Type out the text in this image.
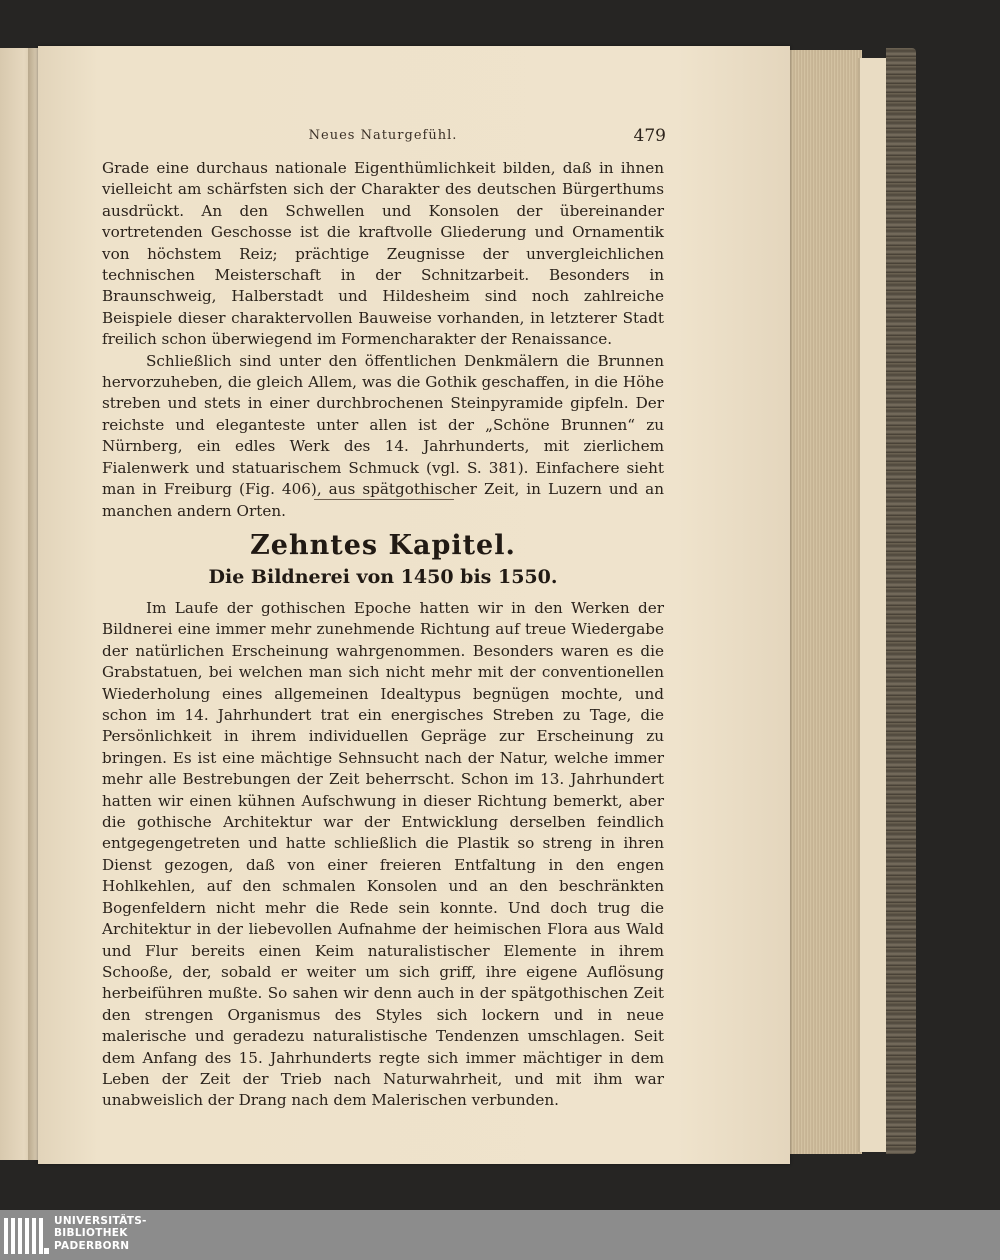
Neues Naturgefühl.	479

Grade eine durchaus nationale Eigenthümlichkeit bilden, daß in ihnen vielleicht am schärfsten sich der Charakter des deutschen Bürgerthums ausdrückt. An den Schwellen und Konsolen der übereinander vortretenden Geschosse ist die kraftvolle Gliederung und Ornamentik von höchstem Reiz; prächtige Zeugnisse der unvergleichlichen technischen Meisterschaft in der Schnitzarbeit. Besonders in Braunschweig, Halberstadt und Hildesheim sind noch zahlreiche Beispiele dieser charaktervollen Bauweise vorhanden, in letzterer Stadt freilich schon überwiegend im Formencharakter der Renaissance.

Schließlich sind unter den öffentlichen Denkmälern die Brunnen hervorzuheben, die gleich Allem, was die Gothik geschaffen, in die Höhe streben und stets in einer durchbrochenen Steinpyramide gipfeln. Der reichste und eleganteste unter allen ist der „Schöne Brunnen“ zu Nürnberg, ein edles Werk des 14. Jahrhunderts, mit zierlichem Fialenwerk und statuarischem Schmuck (vgl. S. 381). Einfachere sieht man in Freiburg (Fig. 406), aus spätgothischer Zeit, in Luzern und an manchen andern Orten.

Zehntes Kapitel.
Die Bildnerei von 1450 bis 1550.

Im Laufe der gothischen Epoche hatten wir in den Werken der Bildnerei eine immer mehr zunehmende Richtung auf treue Wiedergabe der natürlichen Erscheinung wahrgenommen. Besonders waren es die Grabstatuen, bei welchen man sich nicht mehr mit der conventionellen Wiederholung eines allgemeinen Idealtypus begnügen mochte, und schon im 14. Jahrhundert trat ein energisches Streben zu Tage, die Persönlichkeit in ihrem individuellen Gepräge zur Erscheinung zu bringen. Es ist eine mächtige Sehnsucht nach der Natur, welche immer mehr alle Bestrebungen der Zeit beherrscht. Schon im 13. Jahrhundert hatten wir einen kühnen Aufschwung in dieser Richtung bemerkt, aber die gothische Architektur war der Entwicklung derselben feindlich entgegengetreten und hatte schließlich die Plastik so streng in ihren Dienst gezogen, daß von einer freieren Entfaltung in den engen Hohlkehlen, auf den schmalen Konsolen und an den beschränkten Bogenfeldern nicht mehr die Rede sein konnte. Und doch trug die Architektur in der liebevollen Aufnahme der heimischen Flora aus Wald und Flur bereits einen Keim naturalistischer Elemente in ihrem Schooße, der, sobald er weiter um sich griff, ihre eigene Auflösung herbeiführen mußte. So sahen wir denn auch in der spätgothischen Zeit den strengen Organismus des Styles sich lockern und in neue malerische und geradezu naturalistische Tendenzen umschlagen. Seit dem Anfang des 15. Jahrhunderts regte sich immer mächtiger in dem Leben der Zeit der Trieb nach Naturwahrheit, und mit ihm war unabweislich der Drang nach dem Malerischen verbunden.

UNIVERSITÄTS-
BIBLIOTHEK
PADERBORN
